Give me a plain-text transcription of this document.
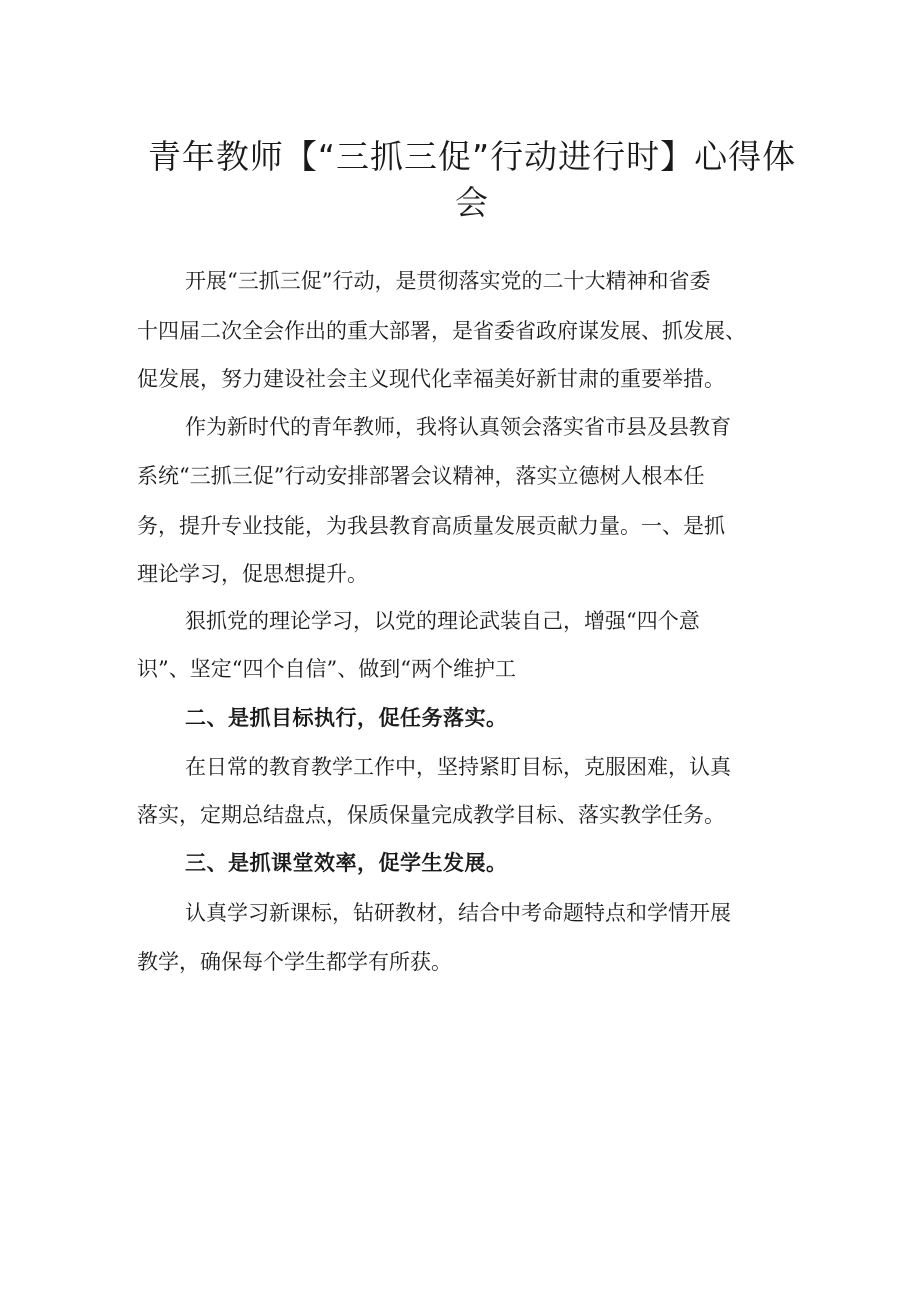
青年教师【“三抓三促”行动进行时】心得体
会

开展“三抓三促”行动，是贯彻落实党的二十大精神和省委

十四届二次全会作出的重大部署，是省委省政府谋发展、抓发展、

促发展，努力建设社会主义现代化幸福美好新甘肃的重要举措。

作为新时代的青年教师，我将认真领会落实省市县及县教育

系统“三抓三促”行动安排部署会议精神，落实立德树人根本任

务，提升专业技能，为我县教育高质量发展贡献力量。一、是抓

理论学习，促思想提升。

狠抓党的理论学习，以党的理论武装自己，增强“四个意

识”、坚定“四个自信”、做到“两个维护工

二、是抓目标执行，促任务落实。

在日常的教育教学工作中，坚持紧盯目标，克服困难，认真

落实，定期总结盘点，保质保量完成教学目标、落实教学任务。

三、是抓课堂效率，促学生发展。

认真学习新课标，钻研教材，结合中考命题特点和学情开展

教学，确保每个学生都学有所获。
